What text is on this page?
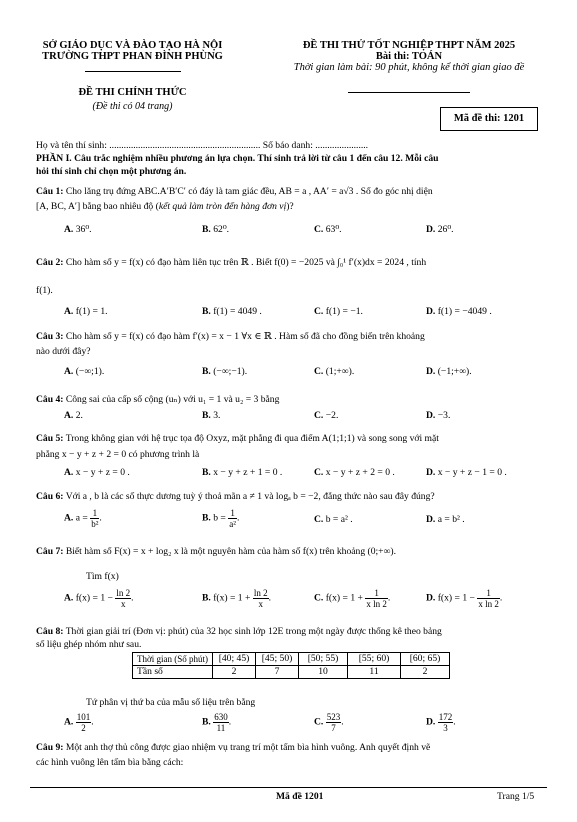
SỞ GIÁO DỤC VÀ ĐÀO TẠO HÀ NỘI
TRƯỜNG THPT PHAN ĐÌNH PHÙNG
ĐỀ THI THỬ TỐT NGHIỆP THPT NĂM 2025
Bài thi: TOÁN
Thời gian làm bài: 90 phút, không kể thời gian giao đề
ĐỀ THI CHÍNH THỨC
(Đề thi có 04 trang)
Mã đề thi: 1201
Họ và tên thí sinh: ............................................................... Số báo danh: ......................
PHẦN I. Câu trắc nghiệm nhiều phương án lựa chọn. Thí sinh trả lời từ câu 1 đến câu 12. Mỗi câu
hỏi thí sinh chỉ chọn một phương án.
Câu 1: Cho lăng trụ đứng ABC.A′B′C′ có đáy là tam giác đều, AB = a , AA′ = a√3 . Số đo góc nhị diện
[A, BC, A′] bằng bao nhiêu độ (kết quả làm tròn đến hàng đơn vị)?
A. 36⁰.	B. 62⁰.	C. 63⁰.	D. 26⁰.
Câu 2: Cho hàm số y = f(x) có đạo hàm liên tục trên ℝ . Biết f(0) = −2025 và ∫₀¹ f′(x)dx = 2024 , tính
f(1).
A. f(1) = 1.	B. f(1) = 4049 .	C. f(1) = −1.	D. f(1) = −4049 .
Câu 3: Cho hàm số y = f(x) có đạo hàm f′(x) = x − 1 ∀x ∈ ℝ . Hàm số đã cho đồng biến trên khoảng
nào dưới đây?
A. (−∞;1).	B. (−∞;−1).	C. (1;+∞).	D. (−1;+∞).
Câu 4: Công sai của cấp số cộng (uₙ) với u₁ = 1 và u₂ = 3 bằng
A. 2.	B. 3.	C. −2.	D. −3.
Câu 5: Trong không gian với hệ trục tọa độ Oxyz, mặt phẳng đi qua điểm A(1;1;1) và song song với mặt
phẳng x − y + z + 2 = 0 có phương trình là
A. x − y + z = 0 .	B. x − y + z + 1 = 0 .	C. x − y + z + 2 = 0 .	D. x − y + z − 1 = 0 .
Câu 6: Với a , b là các số thực dương tuỳ ý thoả mãn a ≠ 1 và logₐ b = −2, đẳng thức nào sau đây đúng?
A. $a = \frac{1}{\text{b²}}$ .	B. $b = \frac{1}{\text{a²}}$ .	C. b = a² .	D. a = b² .
Câu 7: Biết hàm số F(x) = x + log₂ x là một nguyên hàm của hàm số f(x) trên khoảng (0;+∞).
Tìm f(x)
A. $f(x) = 1 - \frac{\ln 2}{x}$ .	B. $f(x) = 1 + \frac{\ln 2}{x}$ .	C. $f(x) = 1 + \frac{1}{\text{x ln 2}}$ .	D. $f(x) = 1 - \frac{1}{\text{x ln 2}}$ .
Câu 8: Thời gian giải trí (Đơn vị: phút) của 32 học sinh lớp 12E trong một ngày được thống kê theo bảng
số liệu ghép nhóm như sau.
Thời gian (Số phút)	[40; 45)	[45; 50)	[50; 55)	[55; 60)	[60; 65)
Tần số	2	7	10	11	2
Tứ phân vị thứ ba của mẫu số liệu trên bằng
A. $\frac{101}{2}$ .	B. $\frac{630}{11}$ .	C. $\frac{523}{7}$ .	D. $\frac{172}{3}$ .
Câu 9: Một anh thợ thủ công được giao nhiệm vụ trang trí một tấm bìa hình vuông. Anh quyết định vẽ
các hình vuông lên tấm bìa bằng cách:
Mã đề 1201	Trang 1/5
